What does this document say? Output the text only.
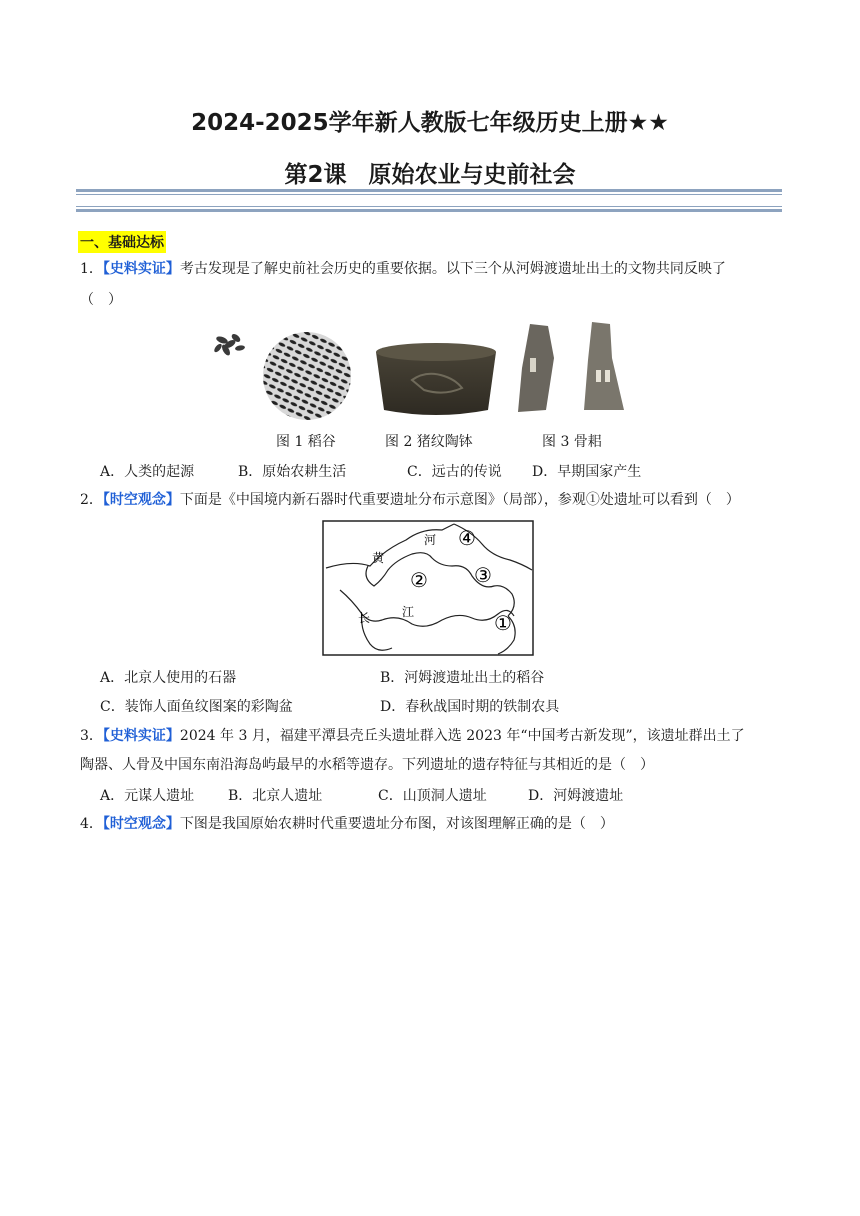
2024-2025学年新人教版七年级历史上册★★
第2课 原始农业与史前社会
一、基础达标
1．【史料实证】考古发现是了解史前社会历史的重要依据。以下三个从河姆渡遗址出土的文物共同反映了
（　）
图 1 稻谷	图 2 猪纹陶钵	图 3 骨耜
A．人类的起源	B．原始农耕生活	C．远古的传说 D．早期国家产生
2．【时空观念】下面是《中国境内新石器时代重要遗址分布示意图》（局部），参观①处遗址可以看到（　）
黄
河
长	江
④
② ③
①
A．北京人使用的石器	B．河姆渡遗址出土的稻谷
C．装饰人面鱼纹图案的彩陶盆	D．春秋战国时期的铁制农具
3．【史料实证】2024 年 3 月，福建平潭县壳丘头遗址群入选 2023 年“中国考古新发现”，该遗址群出土了
陶器、人骨及中国东南沿海岛屿最早的水稻等遗存。下列遗址的遗存特征与其相近的是（　）
A．元谋人遗址 B．北京人遗址	C．山顶洞人遗址	D．河姆渡遗址
4．【时空观念】下图是我国原始农耕时代重要遗址分布图，对该图理解正确的是（　）
